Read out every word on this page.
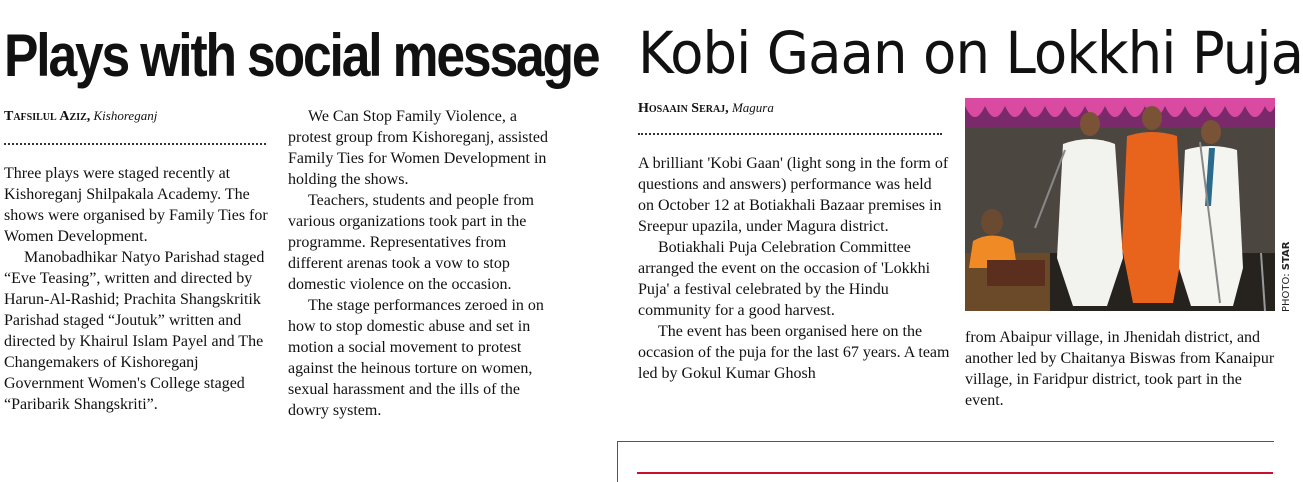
Plays with social message
Tafsilul Aziz, Kishoreganj

Three plays were staged recently at Kishoreganj Shilpakala Academy. The shows were organised by Family Ties for Women Development.

Manobadhikar Natyo Parishad staged “Eve Teasing”, written and directed by Harun-Al-Rashid; Prachita Shangskritik Parishad staged “Joutuk” written and directed by Khairul Islam Payel and The Changemakers of Kishoreganj Government Women's College staged “Paribarik Shangskriti”.

We Can Stop Family Violence, a protest group from Kishoreganj, assisted Family Ties for Women Development in holding the shows.

Teachers, students and people from various organizations took part in the programme. Representatives from different arenas took a vow to stop domestic violence on the occasion.

The stage performances zeroed in on how to stop domestic abuse and set in motion a social movement to protest against the heinous torture on women, sexual harassment and the ills of the dowry system.

Kobi Gaan on Lokkhi Puja
Hosaain Seraj, Magura

A brilliant 'Kobi Gaan' (light song in the form of questions and answers) performance was held on October 12 at Botiakhali Bazaar premises in Sreepur upazila, under Magura district.

Botiakhali Puja Celebration Committee arranged the event on the occasion of 'Lokkhi Puja' a festival celebrated by the Hindu community for a good harvest.

The event has been organised here on the occasion of the puja for the last 67 years. A team led by Gokul Kumar Ghosh

PHOTO: STAR

from Abaipur village, in Jhenidah district, and another led by Chaitanya Biswas from Kanaipur village, in Faridpur district, took part in the event.
